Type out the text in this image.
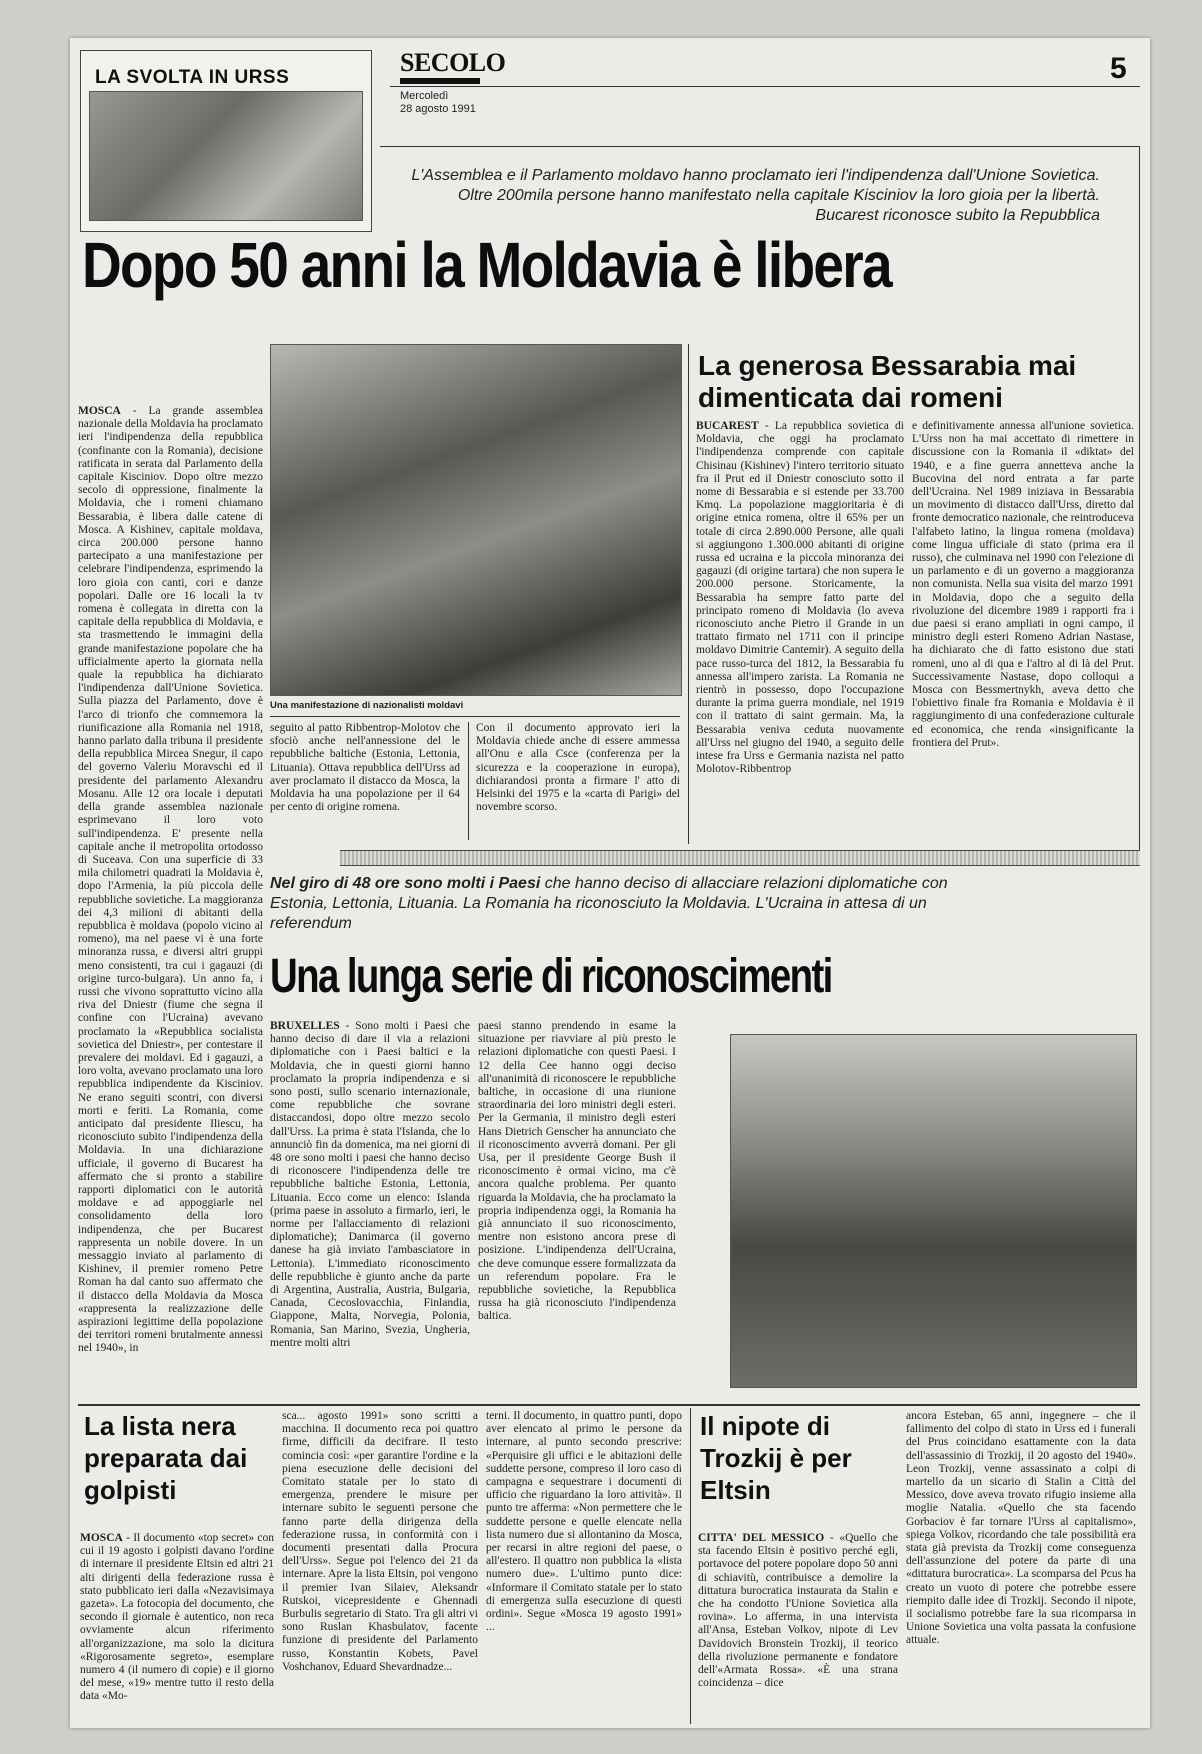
LA SVOLTA IN URSS
SECOLO
Mercoledì
28 agosto 1991
5
L'Assemblea e il Parlamento moldavo hanno proclamato ieri l'indipendenza dall'Unione Sovietica. Oltre 200mila persone hanno manifestato nella capitale Kisciniov la loro gioia per la libertà. Bucarest riconosce subito la Repubblica
Dopo 50 anni la Moldavia è libera
MOSCA - La grande assemblea nazionale della Moldavia ha proclamato ieri l'indipendenza della repubblica (confinante con la Romania), decisione ratificata in serata dal Parlamento della capitale Kisciniov. Dopo oltre mezzo secolo di oppressione, finalmente la Moldavia, che i romeni chiamano Bessarabia, è libera dalle catene di Mosca. A Kishinev, capitale moldava, circa 200.000 persone hanno partecipato a una manifestazione per celebrare l'indipendenza, esprimendo la loro gioia con canti, cori e danze popolari. Dalle ore 16 locali la tv romena è collegata in diretta con la capitale della repubblica di Moldavia, e sta trasmettendo le immagini della grande manifestazione popolare che ha ufficialmente aperto la giornata nella quale la repubblica ha dichiarato l'indipendenza dall'Unione Sovietica. Sulla piazza del Parlamento, dove è l'arco di trionfo che commemora la riunificazione alla Romania nel 1918, hanno parlato dalla tribuna il presidente della repubblica Mircea Snegur, il capo del governo Valeriu Moravschi ed il presidente del parlamento Alexandru Mosanu. Alle 12 ora locale i deputati della grande assemblea nazionale esprimevano il loro voto sull'indipendenza. E' presente nella capitale anche il metropolita ortodosso di Suceava. Con una superficie di 33 mila chilometri quadrati la Moldavia è, dopo l'Armenia, la più piccola delle repubbliche sovietiche. La maggioranza dei 4,3 milioni di abitanti della repubblica è moldava (popolo vicino al romeno), ma nel paese vi è una forte minoranza russa, e diversi altri gruppi meno consistenti, tra cui i gagauzi (di origine turco-bulgara). Un anno fa, i russi che vivono soprattutto vicino alla riva del Dniestr (fiume che segna il confine con l'Ucraina) avevano proclamato la «Repubblica socialista sovietica del Dniestr», per contestare il prevalere dei moldavi. Ed i gagauzi, a loro volta, avevano proclamato una loro repubblica indipendente da Kisciniov. Ne erano seguiti scontri, con diversi morti e feriti. La Romania, come anticipato dal presidente Iliescu, ha riconosciuto subito l'indipendenza della Moldavia. In una dichiarazione ufficiale, il governo di Bucarest ha affermato che si pronto a stabilire rapporti diplomatici con le autorità moldave e ad appoggiarle nel consolidamento della loro indipendenza, che per Bucarest rappresenta un nobile dovere. In un messaggio inviato al parlamento di Kishinev, il premier romeno Petre Roman ha dal canto suo affermato che il distacco della Moldavia da Mosca «rappresenta la realizzazione delle aspirazioni legittime della popolazione dei territori romeni brutalmente annessi nel 1940», in
Una manifestazione di nazionalisti moldavi
seguito al patto Ribbentrop-Molotov che sfociò anche nell'annessione del le repubbliche baltiche (Estonia, Lettonia, Lituania). Ottava repubblica dell'Urss ad aver proclamato il distacco da Mosca, la Moldavia ha una popolazione per il 64 per cento di origine romena.
Con il documento approvato ieri la Moldavia chiede anche di essere ammessa all'Onu e alla Csce (conferenza per la sicurezza e la cooperazione in europa), dichiarandosi pronta a firmare l' atto di Helsinki del 1975 e la «carta di Parigi» del novembre scorso.
La generosa Bessarabia mai dimenticata dai romeni
BUCAREST - La repubblica sovietica di Moldavia, che oggi ha proclamato l'indipendenza comprende con capitale Chisinau (Kishinev) l'intero territorio situato fra il Prut ed il Dniestr conosciuto sotto il nome di Bessarabia e si estende per 33.700 Kmq. La popolazione maggioritaria è di origine etnica romena, oltre il 65% per un totale di circa 2.890.000 Persone, alle quali si aggiungono 1.300.000 abitanti di origine russa ed ucraina e la piccola minoranza dei gagauzi (di origine tartara) che non supera le 200.000 persone. Storicamente, la Bessarabia ha sempre fatto parte del principato romeno di Moldavia (lo aveva riconosciuto anche Pietro il Grande in un trattato firmato nel 1711 con il principe moldavo Dimitrie Cantemir). A seguito della pace russo-turca del 1812, la Bessarabia fu annessa all'impero zarista. La Romania ne rientrò in possesso, dopo l'occupazione durante la prima guerra mondiale, nel 1919 con il trattato di saint germain. Ma, la Bessarabia veniva ceduta nuovamente all'Urss nel giugno del 1940, a seguito delle intese fra Urss e Germania nazista nel patto Molotov-Ribbentrop
e definitivamente annessa all'unione sovietica. L'Urss non ha mai accettato di rimettere in discussione con la Romania il «diktat» del 1940, e a fine guerra annetteva anche la Bucovina del nord entrata a far parte dell'Ucraina. Nel 1989 iniziava in Bessarabia un movimento di distacco dall'Urss, diretto dal fronte democratico nazionale, che reintroduceva l'alfabeto latino, la lingua romena (moldava) come lingua ufficiale di stato (prima era il russo), che culminava nel 1990 con l'elezione di un parlamento e di un governo a maggioranza non comunista. Nella sua visita del marzo 1991 in Moldavia, dopo che a seguito della rivoluzione del dicembre 1989 i rapporti fra i due paesi si erano ampliati in ogni campo, il ministro degli esteri Romeno Adrian Nastase, ha dichiarato che di fatto esistono due stati romeni, uno al di qua e l'altro al di là del Prut. Successivamente Nastase, dopo colloqui a Mosca con Bessmertnykh, aveva detto che l'obiettivo finale fra Romania e Moldavia è il raggiungimento di una confederazione culturale ed economica, che renda «insignificante la frontiera del Prut».
Nel giro di 48 ore sono molti i Paesi che hanno deciso di allacciare relazioni diplomatiche con Estonia, Lettonia, Lituania. La Romania ha riconosciuto la Moldavia. L'Ucraina in attesa di un referendum
Una lunga serie di riconoscimenti
BRUXELLES - Sono molti i Paesi che hanno deciso di dare il via a relazioni diplomatiche con i Paesi baltici e la Moldavia, che in questi giorni hanno proclamato la propria indipendenza e si sono posti, sullo scenario internazionale, come repubbliche che sovrane distaccandosi, dopo oltre mezzo secolo dall'Urss. La prima è stata l'Islanda, che lo annunciò fin da domenica, ma nei giorni di 48 ore sono molti i paesi che hanno deciso di riconoscere l'indipendenza delle tre repubbliche baltiche Estonia, Lettonia, Lituania. Ecco come un elenco: Islanda (prima paese in assoluto a firmarlo, ieri, le norme per l'allacciamento di relazioni diplomatiche); Danimarca (il governo danese ha già inviato l'ambasciatore in Lettonia). L'immediato riconoscimento delle repubbliche è giunto anche da parte di Argentina, Australia, Austria, Bulgaria, Canada, Cecoslovacchia, Finlandia, Giappone, Malta, Norvegia, Polonia, Romania, San Marino, Svezia, Ungheria, mentre molti altri
paesi stanno prendendo in esame la situazione per riavviare al più presto le relazioni diplomatiche con questi Paesi. I 12 della Cee hanno oggi deciso all'unanimità di riconoscere le repubbliche baltiche, in occasione di una riunione straordinaria dei loro ministri degli esteri. Per la Germania, il ministro degli esteri Hans Dietrich Genscher ha annunciato che il riconoscimento avverrà domani. Per gli Usa, per il presidente George Bush il riconoscimento è ormai vicino, ma c'è ancora qualche problema. Per quanto riguarda la Moldavia, che ha proclamato la propria indipendenza oggi, la Romania ha già annunciato il suo riconoscimento, mentre non esistono ancora prese di posizione. L'indipendenza dell'Ucraina, che deve comunque essere formalizzata da un referendum popolare. Fra le repubbliche sovietiche, la Repubblica russa ha già riconosciuto l'indipendenza baltica.
La lista nera preparata dai golpisti
MOSCA - Il documento «top secret» con cui il 19 agosto i golpisti davano l'ordine di internare il presidente Eltsin ed altri 21 alti dirigenti della federazione russa è stato pubblicato ieri dalla «Nezavisimaya gazeta». La fotocopia del documento, che secondo il giornale è autentico, non reca ovviamente alcun riferimento all'organizzazione, ma solo la dicitura «Rigorosamente segreto», esemplare numero 4 (il numero di copie) e il giorno del mese, «19» mentre tutto il resto della data «Mo-
sca... agosto 1991» sono scritti a macchina. Il documento reca poi quattro firme, difficili da decifrare. Il testo comincia così: «per garantire l'ordine e la piena esecuzione delle decisioni del Comitato statale per lo stato di emergenza, prendere le misure per internare subito le seguenti persone che fanno parte della dirigenza della federazione russa, in conformità con i documenti presentati dalla Procura dell'Urss». Segue poi l'elenco dei 21 da internare. Apre la lista Eltsin, poi vengono il premier Ivan Silaiev, Aleksandr Rutskoi, vicepresidente e Ghennadi Burbulis segretario di Stato. Tra gli altri vi sono Ruslan Khasbulatov, facente funzione di presidente del Parlamento russo, Konstantin Kobets, Pavel Voshchanov, Eduard Shevardnadze...
terni. Il documento, in quattro punti, dopo aver elencato al primo le persone da internare, al punto secondo prescrive: «Perquisire gli uffici e le abitazioni delle suddette persone, compreso il loro caso di campagna e sequestrare i documenti di ufficio che riguardano la loro attività». Il punto tre afferma: «Non permettere che le suddette persone e quelle elencate nella lista numero due si allontanino da Mosca, per recarsi in altre regioni del paese, o all'estero. Il quattro non pubblica la «lista numero due». L'ultimo punto dice: «Informare il Comitato statale per lo stato di emergenza sulla esecuzione di questi ordini». Segue «Mosca 19 agosto 1991» ...
Il nipote di Trozkij è per Eltsin
CITTA' DEL MESSICO - «Quello che sta facendo Eltsin è positivo perché egli, portavoce del potere popolare dopo 50 anni di schiavitù, contribuisce a demolire la dittatura burocratica instaurata da Stalin e che ha condotto l'Unione Sovietica alla rovina». Lo afferma, in una intervista all'Ansa, Esteban Volkov, nipote di Lev Davidovich Bronstein Trozkij, il teorico della rivoluzione permanente e fondatore dell'«Armata Rossa». «È una strana coincidenza – dice
ancora Esteban, 65 anni, ingegnere – che il fallimento del colpo di stato in Urss ed i funerali del Prus coincidano esattamente con la data dell'assassinio di Trozkij, il 20 agosto del 1940». Leon Trozkij, venne assassinato a colpi di martello da un sicario di Stalin a Città del Messico, dove aveva trovato rifugio insieme alla moglie Natalia. «Quello che sta facendo Gorbaciov è far tornare l'Urss al capitalismo», spiega Volkov, ricordando che tale possibilità era stata già prevista da Trozkij come conseguenza dell'assunzione del potere da parte di una «dittatura burocratica». La scomparsa del Pcus ha creato un vuoto di potere che potrebbe essere riempito dalle idee di Trozkij. Secondo il nipote, il socialismo potrebbe fare la sua ricomparsa in Unione Sovietica una volta passata la confusione attuale.
